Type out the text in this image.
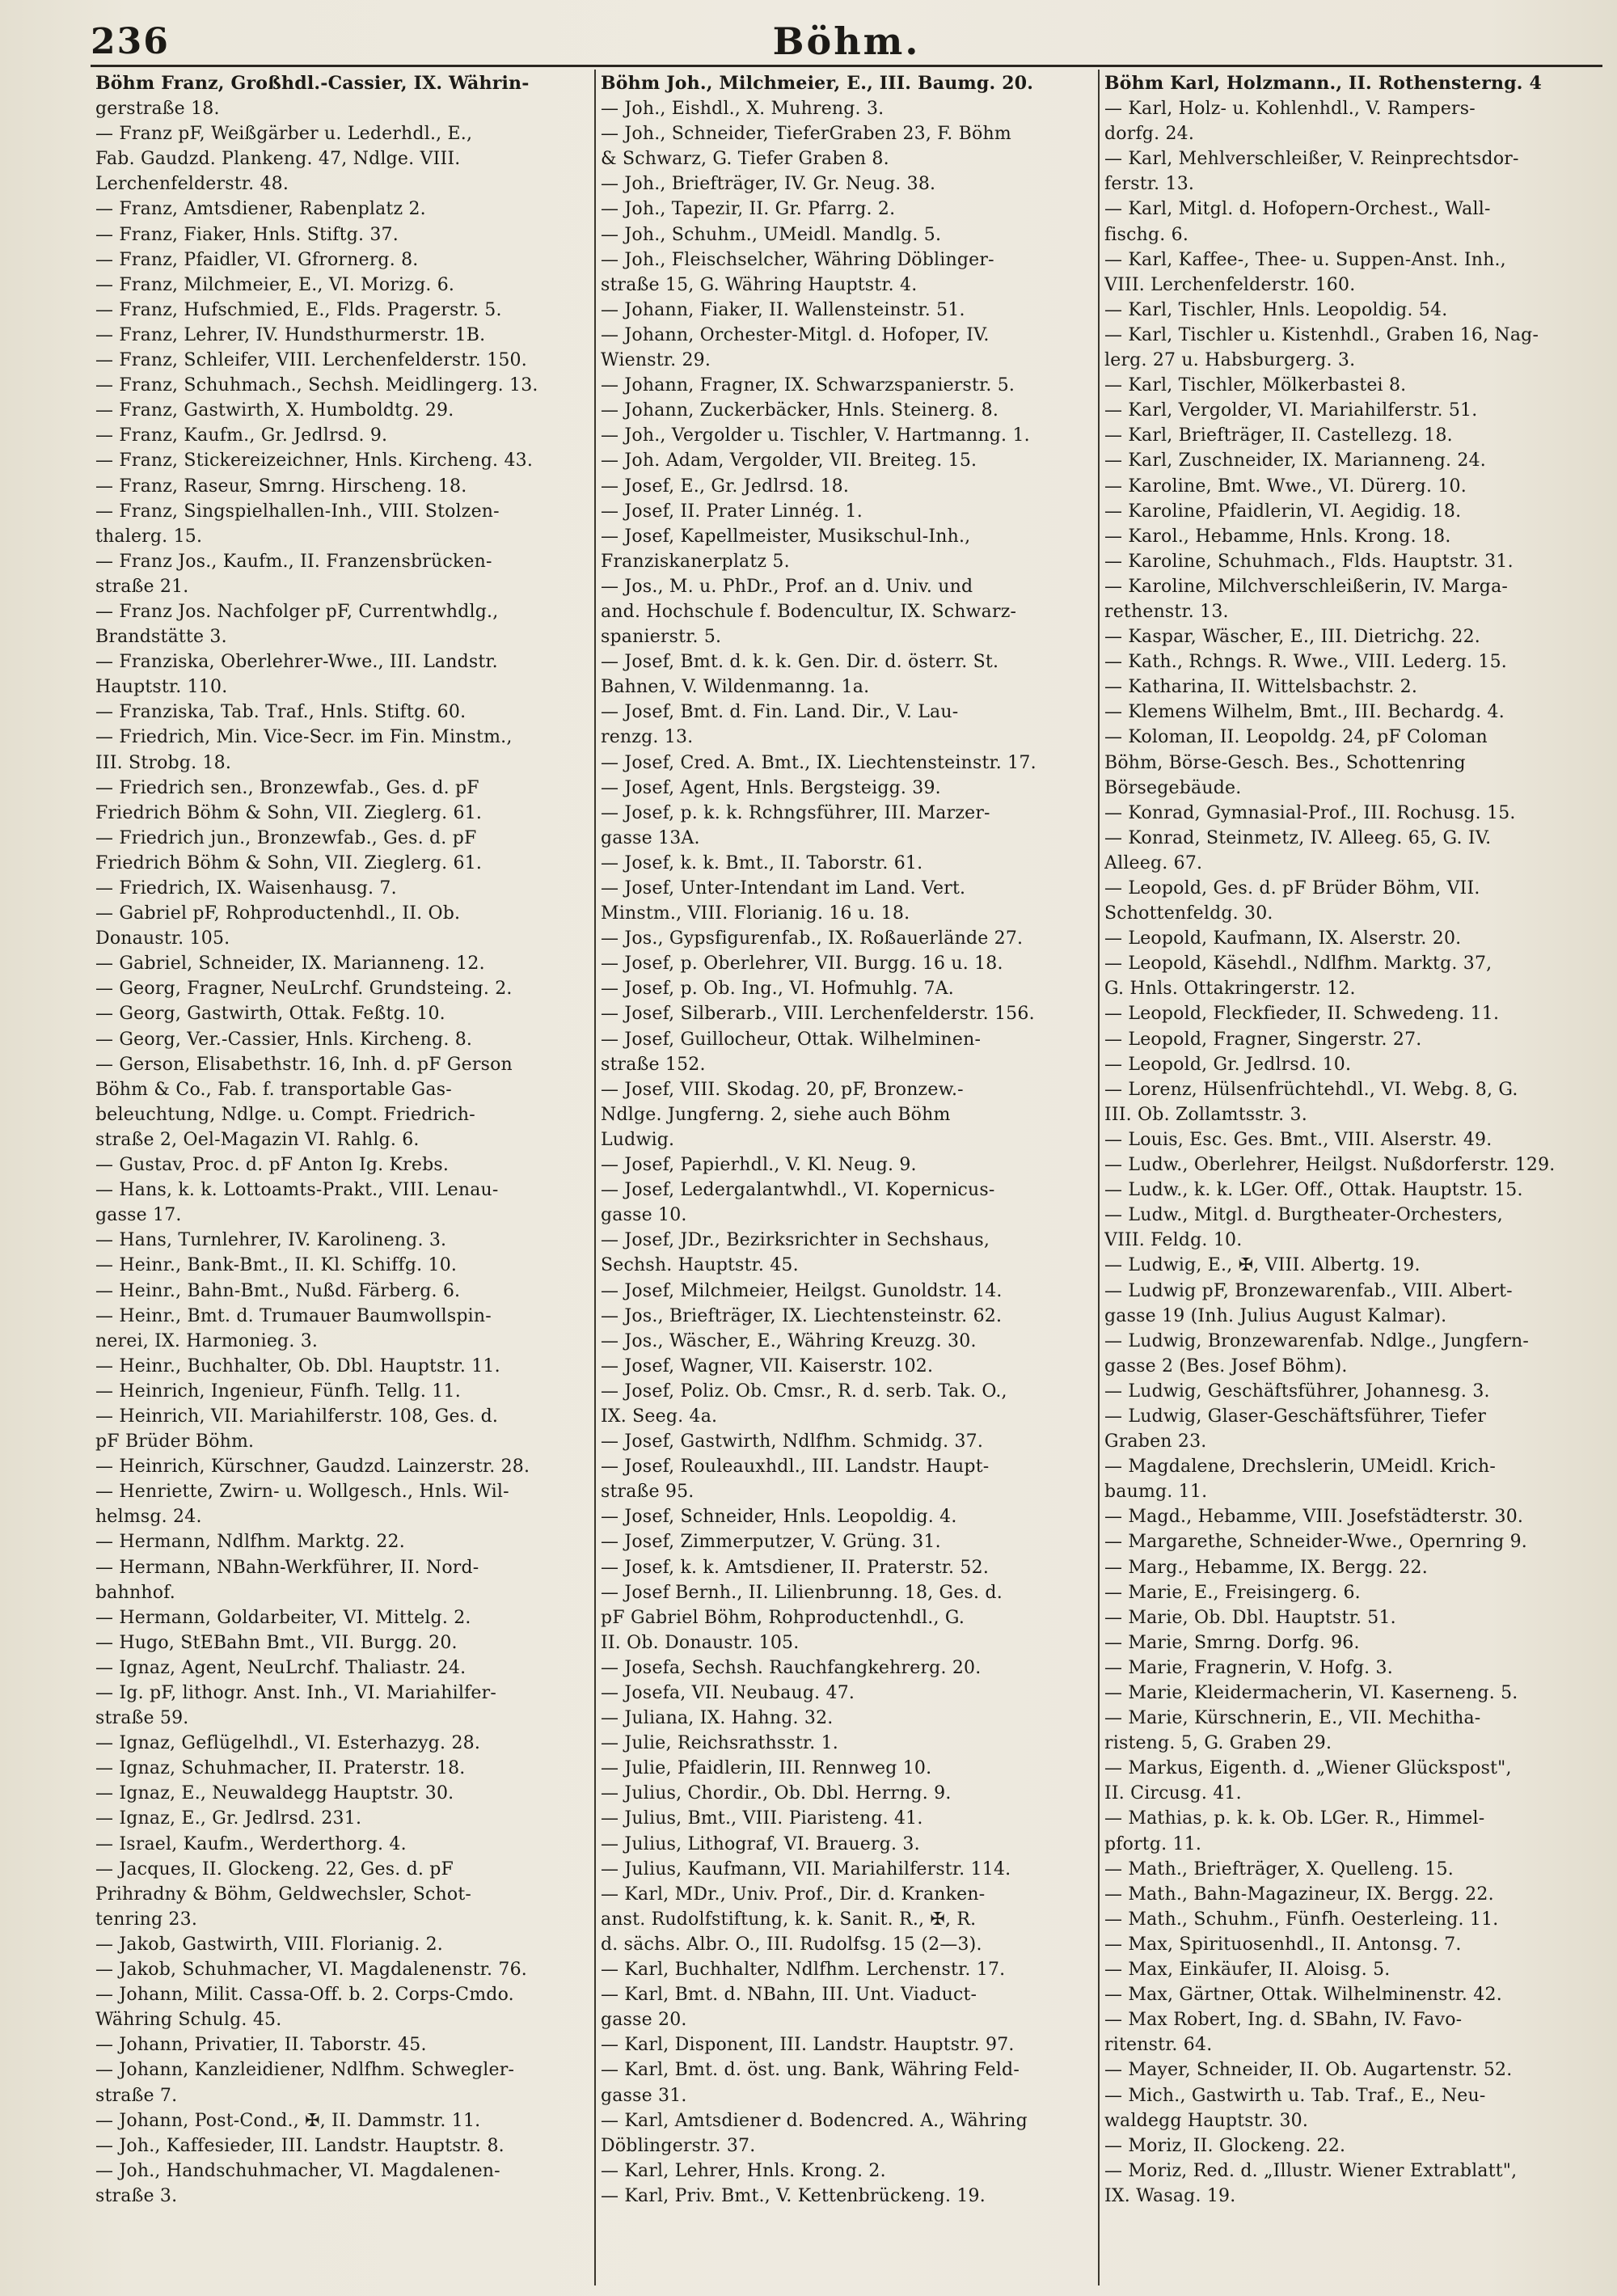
236	Böhm.
Böhm Franz, Großhdl.-Cassier, IX. Währin-
gerstraße 18.
— Franz pF, Weißgärber u. Lederhdl., E.,
Fab. Gaudzd. Plankeng. 47, Ndlge. VIII.
Lerchenfelderstr. 48.
— Franz, Amtsdiener, Rabenplatz 2.
— Franz, Fiaker, Hnls. Stiftg. 37.
— Franz, Pfaidler, VI. Gfrornerg. 8.
— Franz, Milchmeier, E., VI. Morizg. 6.
— Franz, Hufschmied, E., Flds. Pragerstr. 5.
— Franz, Lehrer, IV. Hundsthurmerstr. 1B.
— Franz, Schleifer, VIII. Lerchenfelderstr. 150.
— Franz, Schuhmach., Sechsh. Meidlingerg. 13.
— Franz, Gastwirth, X. Humboldtg. 29.
— Franz, Kaufm., Gr. Jedlrsd. 9.
— Franz, Stickereizeichner, Hnls. Kircheng. 43.
— Franz, Raseur, Smrng. Hirscheng. 18.
— Franz, Singspielhallen-Inh., VIII. Stolzen-
thalerg. 15.
— Franz Jos., Kaufm., II. Franzensbrücken-
straße 21.
— Franz Jos. Nachfolger pF, Currentwhdlg.,
Brandstätte 3.
— Franziska, Oberlehrer-Wwe., III. Landstr.
Hauptstr. 110.
— Franziska, Tab. Traf., Hnls. Stiftg. 60.
— Friedrich, Min. Vice-Secr. im Fin. Minstm.,
III. Strobg. 18.
— Friedrich sen., Bronzewfab., Ges. d. pF
Friedrich Böhm & Sohn, VII. Zieglerg. 61.
— Friedrich jun., Bronzewfab., Ges. d. pF
Friedrich Böhm & Sohn, VII. Zieglerg. 61.
— Friedrich, IX. Waisenhausg. 7.
— Gabriel pF, Rohproductenhdl., II. Ob.
Donaustr. 105.
— Gabriel, Schneider, IX. Marianneng. 12.
— Georg, Fragner, NeuLrchf. Grundsteing. 2.
— Georg, Gastwirth, Ottak. Feßtg. 10.
— Georg, Ver.-Cassier, Hnls. Kircheng. 8.
— Gerson, Elisabethstr. 16, Inh. d. pF Gerson
Böhm & Co., Fab. f. transportable Gas-
beleuchtung, Ndlge. u. Compt. Friedrich-
straße 2, Oel-Magazin VI. Rahlg. 6.
— Gustav, Proc. d. pF Anton Ig. Krebs.
— Hans, k. k. Lottoamts-Prakt., VIII. Lenau-
gasse 17.
— Hans, Turnlehrer, IV. Karolineng. 3.
— Heinr., Bank-Bmt., II. Kl. Schiffg. 10.
— Heinr., Bahn-Bmt., Nußd. Färberg. 6.
— Heinr., Bmt. d. Trumauer Baumwollspin-
nerei, IX. Harmonieg. 3.
— Heinr., Buchhalter, Ob. Dbl. Hauptstr. 11.
— Heinrich, Ingenieur, Fünfh. Tellg. 11.
— Heinrich, VII. Mariahilferstr. 108, Ges. d.
pF Brüder Böhm.
— Heinrich, Kürschner, Gaudzd. Lainzerstr. 28.
— Henriette, Zwirn- u. Wollgesch., Hnls. Wil-
helmsg. 24.
— Hermann, Ndlfhm. Marktg. 22.
— Hermann, NBahn-Werkführer, II. Nord-
bahnhof.
— Hermann, Goldarbeiter, VI. Mittelg. 2.
— Hugo, StEBahn Bmt., VII. Burgg. 20.
— Ignaz, Agent, NeuLrchf. Thaliastr. 24.
— Ig. pF, lithogr. Anst. Inh., VI. Mariahilfer-
straße 59.
— Ignaz, Geflügelhdl., VI. Esterhazyg. 28.
— Ignaz, Schuhmacher, II. Praterstr. 18.
— Ignaz, E., Neuwaldegg Hauptstr. 30.
— Ignaz, E., Gr. Jedlrsd. 231.
— Israel, Kaufm., Werderthorg. 4.
— Jacques, II. Glockeng. 22, Ges. d. pF
Prihradny & Böhm, Geldwechsler, Schot-
tenring 23.
— Jakob, Gastwirth, VIII. Florianig. 2.
— Jakob, Schuhmacher, VI. Magdalenenstr. 76.
— Johann, Milit. Cassa-Off. b. 2. Corps-Cmdo.
Währing Schulg. 45.
— Johann, Privatier, II. Taborstr. 45.
— Johann, Kanzleidiener, Ndlfhm. Schwegler-
straße 7.
— Johann, Post-Cond., ✠, II. Dammstr. 11.
— Joh., Kaffesieder, III. Landstr. Hauptstr. 8.
— Joh., Handschuhmacher, VI. Magdalenen-
straße 3.
Böhm Joh., Milchmeier, E., III. Baumg. 20.
— Joh., Eishdl., X. Muhreng. 3.
— Joh., Schneider, TieferGraben 23, F. Böhm
& Schwarz, G. Tiefer Graben 8.
— Joh., Briefträger, IV. Gr. Neug. 38.
— Joh., Tapezir, II. Gr. Pfarrg. 2.
— Joh., Schuhm., UMeidl. Mandlg. 5.
— Joh., Fleischselcher, Währing Döblinger-
straße 15, G. Währing Hauptstr. 4.
— Johann, Fiaker, II. Wallensteinstr. 51.
— Johann, Orchester-Mitgl. d. Hofoper, IV.
Wienstr. 29.
— Johann, Fragner, IX. Schwarzspanierstr. 5.
— Johann, Zuckerbäcker, Hnls. Steinerg. 8.
— Joh., Vergolder u. Tischler, V. Hartmanng. 1.
— Joh. Adam, Vergolder, VII. Breiteg. 15.
— Josef, E., Gr. Jedlrsd. 18.
— Josef, II. Prater Linnég. 1.
— Josef, Kapellmeister, Musikschul-Inh.,
Franziskanerplatz 5.
— Jos., M. u. PhDr., Prof. an d. Univ. und
and. Hochschule f. Bodencultur, IX. Schwarz-
spanierstr. 5.
— Josef, Bmt. d. k. k. Gen. Dir. d. österr. St.
Bahnen, V. Wildenmanng. 1a.
— Josef, Bmt. d. Fin. Land. Dir., V. Lau-
renzg. 13.
— Josef, Cred. A. Bmt., IX. Liechtensteinstr. 17.
— Josef, Agent, Hnls. Bergsteigg. 39.
— Josef, p. k. k. Rchngsführer, III. Marzer-
gasse 13A.
— Josef, k. k. Bmt., II. Taborstr. 61.
— Josef, Unter-Intendant im Land. Vert.
Minstm., VIII. Florianig. 16 u. 18.
— Jos., Gypsfigurenfab., IX. Roßauerlände 27.
— Josef, p. Oberlehrer, VII. Burgg. 16 u. 18.
— Josef, p. Ob. Ing., VI. Hofmuhlg. 7A.
— Josef, Silberarb., VIII. Lerchenfelderstr. 156.
— Josef, Guillocheur, Ottak. Wilhelminen-
straße 152.
— Josef, VIII. Skodag. 20, pF, Bronzew.-
Ndlge. Jungferng. 2, siehe auch Böhm
Ludwig.
— Josef, Papierhdl., V. Kl. Neug. 9.
— Josef, Ledergalantwhdl., VI. Kopernicus-
gasse 10.
— Josef, JDr., Bezirksrichter in Sechshaus,
Sechsh. Hauptstr. 45.
— Josef, Milchmeier, Heilgst. Gunoldstr. 14.
— Jos., Briefträger, IX. Liechtensteinstr. 62.
— Jos., Wäscher, E., Währing Kreuzg. 30.
— Josef, Wagner, VII. Kaiserstr. 102.
— Josef, Poliz. Ob. Cmsr., R. d. serb. Tak. O.,
IX. Seeg. 4a.
— Josef, Gastwirth, Ndlfhm. Schmidg. 37.
— Josef, Rouleauxhdl., III. Landstr. Haupt-
straße 95.
— Josef, Schneider, Hnls. Leopoldig. 4.
— Josef, Zimmerputzer, V. Grüng. 31.
— Josef, k. k. Amtsdiener, II. Praterstr. 52.
— Josef Bernh., II. Lilienbrunng. 18, Ges. d.
pF Gabriel Böhm, Rohproductenhdl., G.
II. Ob. Donaustr. 105.
— Josefa, Sechsh. Rauchfangkehrerg. 20.
— Josefa, VII. Neubaug. 47.
— Juliana, IX. Hahng. 32.
— Julie, Reichsrathsstr. 1.
— Julie, Pfaidlerin, III. Rennweg 10.
— Julius, Chordir., Ob. Dbl. Herrng. 9.
— Julius, Bmt., VIII. Piaristeng. 41.
— Julius, Lithograf, VI. Brauerg. 3.
— Julius, Kaufmann, VII. Mariahilferstr. 114.
— Karl, MDr., Univ. Prof., Dir. d. Kranken-
anst. Rudolfstiftung, k. k. Sanit. R., ✠, R.
d. sächs. Albr. O., III. Rudolfsg. 15 (2—3).
— Karl, Buchhalter, Ndlfhm. Lerchenstr. 17.
— Karl, Bmt. d. NBahn, III. Unt. Viaduct-
gasse 20.
— Karl, Disponent, III. Landstr. Hauptstr. 97.
— Karl, Bmt. d. öst. ung. Bank, Währing Feld-
gasse 31.
— Karl, Amtsdiener d. Bodencred. A., Währing
Döblingerstr. 37.
— Karl, Lehrer, Hnls. Krong. 2.
— Karl, Priv. Bmt., V. Kettenbrückeng. 19.
Böhm Karl, Holzmann., II. Rothensterng. 4
— Karl, Holz- u. Kohlenhdl., V. Rampers-
dorfg. 24.
— Karl, Mehlverschleißer, V. Reinprechtsdor-
ferstr. 13.
— Karl, Mitgl. d. Hofopern-Orchest., Wall-
fischg. 6.
— Karl, Kaffee-, Thee- u. Suppen-Anst. Inh.,
VIII. Lerchenfelderstr. 160.
— Karl, Tischler, Hnls. Leopoldig. 54.
— Karl, Tischler u. Kistenhdl., Graben 16, Nag-
lerg. 27 u. Habsburgerg. 3.
— Karl, Tischler, Mölkerbastei 8.
— Karl, Vergolder, VI. Mariahilferstr. 51.
— Karl, Briefträger, II. Castellezg. 18.
— Karl, Zuschneider, IX. Marianneng. 24.
— Karoline, Bmt. Wwe., VI. Dürerg. 10.
— Karoline, Pfaidlerin, VI. Aegidig. 18.
— Karol., Hebamme, Hnls. Krong. 18.
— Karoline, Schuhmach., Flds. Hauptstr. 31.
— Karoline, Milchverschleißerin, IV. Marga-
rethenstr. 13.
— Kaspar, Wäscher, E., III. Dietrichg. 22.
— Kath., Rchngs. R. Wwe., VIII. Lederg. 15.
— Katharina, II. Wittelsbachstr. 2.
— Klemens Wilhelm, Bmt., III. Bechardg. 4.
— Koloman, II. Leopoldg. 24, pF Coloman
Böhm, Börse-Gesch. Bes., Schottenring
Börsegebäude.
— Konrad, Gymnasial-Prof., III. Rochusg. 15.
— Konrad, Steinmetz, IV. Alleeg. 65, G. IV.
Alleeg. 67.
— Leopold, Ges. d. pF Brüder Böhm, VII.
Schottenfeldg. 30.
— Leopold, Kaufmann, IX. Alserstr. 20.
— Leopold, Käsehdl., Ndlfhm. Marktg. 37,
G. Hnls. Ottakringerstr. 12.
— Leopold, Fleckfieder, II. Schwedeng. 11.
— Leopold, Fragner, Singerstr. 27.
— Leopold, Gr. Jedlrsd. 10.
— Lorenz, Hülsenfrüchtehdl., VI. Webg. 8, G.
III. Ob. Zollamtsstr. 3.
— Louis, Esc. Ges. Bmt., VIII. Alserstr. 49.
— Ludw., Oberlehrer, Heilgst. Nußdorferstr. 129.
— Ludw., k. k. LGer. Off., Ottak. Hauptstr. 15.
— Ludw., Mitgl. d. Burgtheater-Orchesters,
VIII. Feldg. 10.
— Ludwig, E., ✠, VIII. Albertg. 19.
— Ludwig pF, Bronzewarenfab., VIII. Albert-
gasse 19 (Inh. Julius August Kalmar).
— Ludwig, Bronzewarenfab. Ndlge., Jungfern-
gasse 2 (Bes. Josef Böhm).
— Ludwig, Geschäftsführer, Johannesg. 3.
— Ludwig, Glaser-Geschäftsführer, Tiefer
Graben 23.
— Magdalene, Drechslerin, UMeidl. Krich-
baumg. 11.
— Magd., Hebamme, VIII. Josefstädterstr. 30.
— Margarethe, Schneider-Wwe., Opernring 9.
— Marg., Hebamme, IX. Bergg. 22.
— Marie, E., Freisingerg. 6.
— Marie, Ob. Dbl. Hauptstr. 51.
— Marie, Smrng. Dorfg. 96.
— Marie, Fragnerin, V. Hofg. 3.
— Marie, Kleidermacherin, VI. Kaserneng. 5.
— Marie, Kürschnerin, E., VII. Mechitha-
risteng. 5, G. Graben 29.
— Markus, Eigenth. d. „Wiener Glückspost",
II. Circusg. 41.
— Mathias, p. k. k. Ob. LGer. R., Himmel-
pfortg. 11.
— Math., Briefträger, X. Quelleng. 15.
— Math., Bahn-Magazineur, IX. Bergg. 22.
— Math., Schuhm., Fünfh. Oesterleing. 11.
— Max, Spirituosenhdl., II. Antonsg. 7.
— Max, Einkäufer, II. Aloisg. 5.
— Max, Gärtner, Ottak. Wilhelminenstr. 42.
— Max Robert, Ing. d. SBahn, IV. Favo-
ritenstr. 64.
— Mayer, Schneider, II. Ob. Augartenstr. 52.
— Mich., Gastwirth u. Tab. Traf., E., Neu-
waldegg Hauptstr. 30.
— Moriz, II. Glockeng. 22.
— Moriz, Red. d. „Illustr. Wiener Extrablatt",
IX. Wasag. 19.
